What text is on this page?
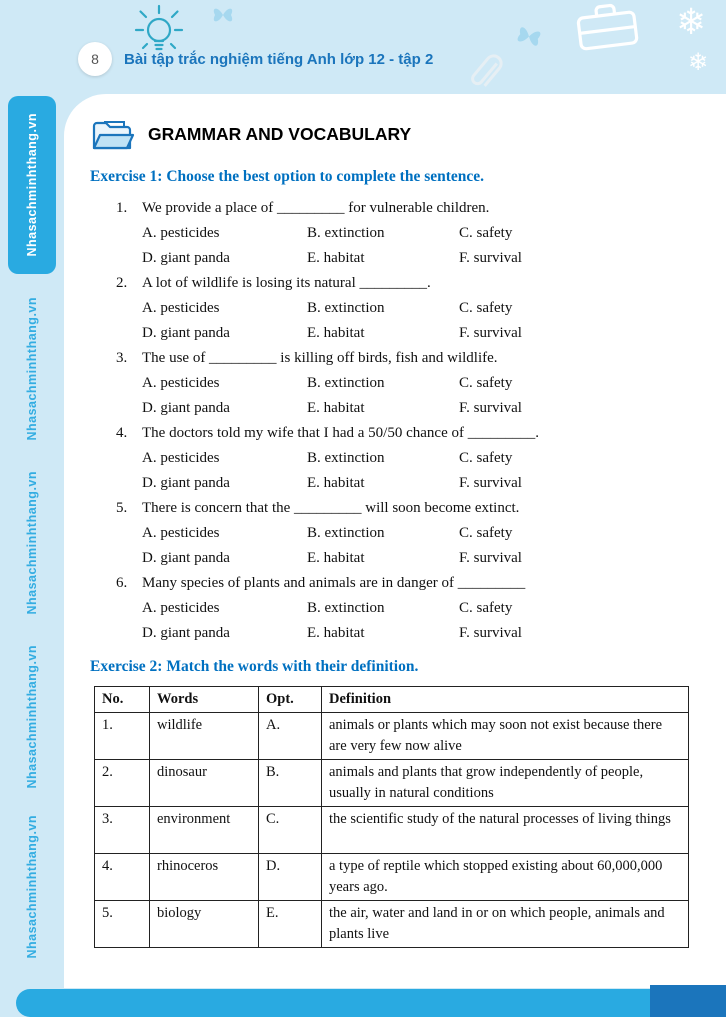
❄
❄
8 Bài tập trắc nghiệm tiếng Anh lớp 12 - tập 2
Nhasachminhthang.vn
Nhasachminhthang.vn
Nhasachminhthang.vn
Nhasachminhthang.vn
Nhasachminhthang.vn
GRAMMAR AND VOCABULARY
Exercise 1: Choose the best option to complete the sentence.
1. We provide a place of _________ for vulnerable children.
A. pesticides	B. extinction	C. safety
D. giant panda	E. habitat	F. survival
2. A lot of wildlife is losing its natural _________.
A. pesticides	B. extinction	C. safety
D. giant panda	E. habitat	F. survival
3. The use of _________ is killing off birds, fish and wildlife.
A. pesticides	B. extinction	C. safety
D. giant panda	E. habitat	F. survival
4. The doctors told my wife that I had a 50/50 chance of _________.
A. pesticides	B. extinction	C. safety
D. giant panda	E. habitat	F. survival
5. There is concern that the _________ will soon become extinct.
A. pesticides	B. extinction	C. safety
D. giant panda	E. habitat	F. survival
6. Many species of plants and animals are in danger of _________
A. pesticides	B. extinction	C. safety
D. giant panda	E. habitat	F. survival
Exercise 2: Match the words with their definition.
No.	Words	Opt.	Definition
1.	wildlife	A.	animals or plants which may soon not exist because there are very few now alive
2.	dinosaur	B.	animals and plants that grow independently of people, usually in natural conditions
3.	environment	C.	the scientific study of the natural processes of living things
4.	rhinoceros	D.	a type of reptile which stopped existing about 60,000,000 years ago.
5.	biology	E.	the air, water and land in or on which people, animals and plants live
